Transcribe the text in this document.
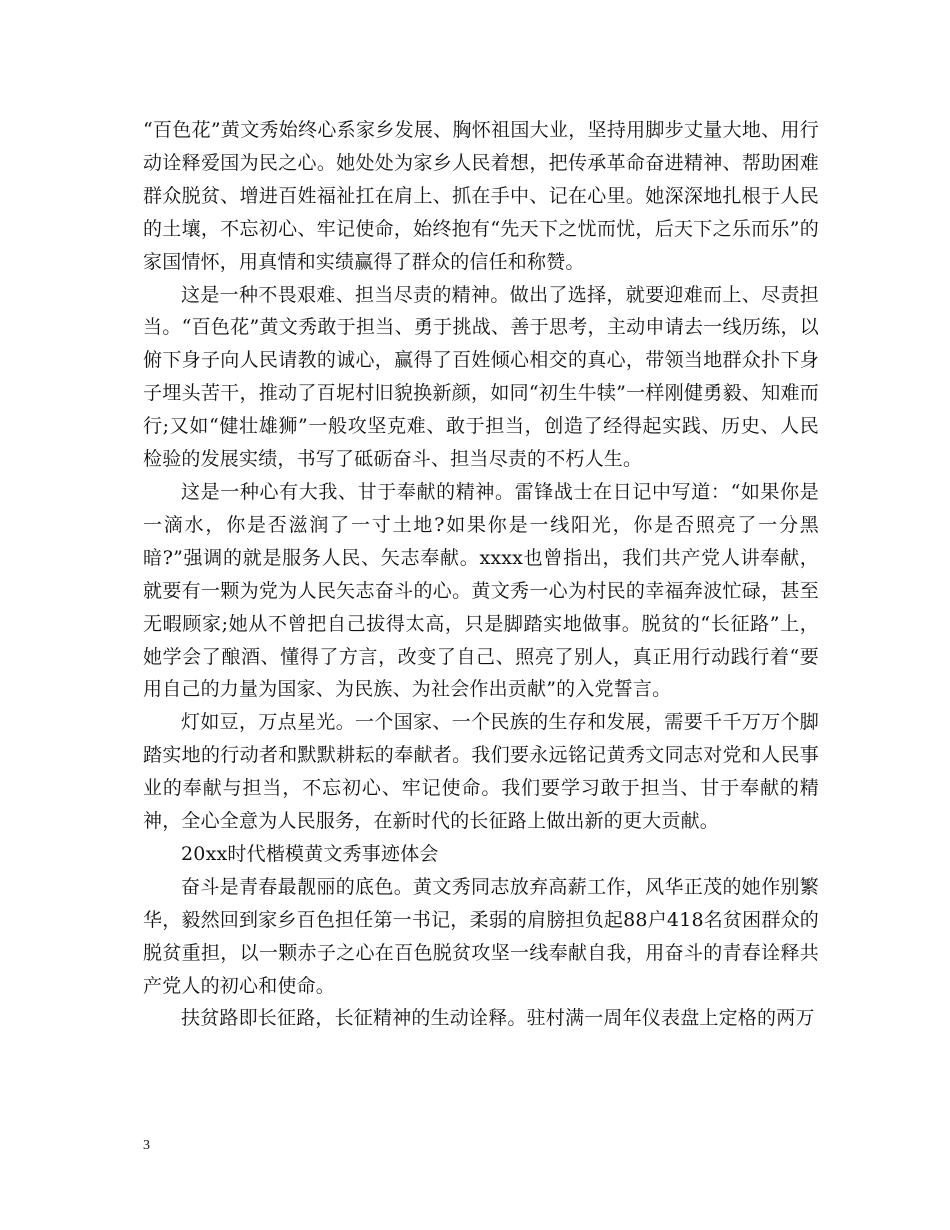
“百色花”黄文秀始终心系家乡发展、胸怀祖国大业，坚持用脚步丈量大地、用行动诠释爱国为民之心。她处处为家乡人民着想，把传承革命奋进精神、帮助困难群众脱贫、增进百姓福祉扛在肩上、抓在手中、记在心里。她深深地扎根于人民的土壤，不忘初心、牢记使命，始终抱有“先天下之忧而忧，后天下之乐而乐”的家国情怀，用真情和实绩赢得了群众的信任和称赞。

这是一种不畏艰难、担当尽责的精神。做出了选择，就要迎难而上、尽责担当。“百色花”黄文秀敢于担当、勇于挑战、善于思考，主动申请去一线历练，以俯下身子向人民请教的诚心，赢得了百姓倾心相交的真心，带领当地群众扑下身子埋头苦干，推动了百坭村旧貌换新颜，如同“初生牛犊”一样刚健勇毅、知难而行;又如“健壮雄狮”一般攻坚克难、敢于担当，创造了经得起实践、历史、人民检验的发展实绩，书写了砥砺奋斗、担当尽责的不朽人生。

这是一种心有大我、甘于奉献的精神。雷锋战士在日记中写道：“如果你是一滴水，你是否滋润了一寸土地?如果你是一线阳光，你是否照亮了一分黑暗?”强调的就是服务人民、矢志奉献。xxxx也曾指出，我们共产党人讲奉献，就要有一颗为党为人民矢志奋斗的心。黄文秀一心为村民的幸福奔波忙碌，甚至无暇顾家;她从不曾把自己拔得太高，只是脚踏实地做事。脱贫的“长征路”上，她学会了酿酒、懂得了方言，改变了自己、照亮了别人，真正用行动践行着“要用自己的力量为国家、为民族、为社会作出贡献”的入党誓言。

灯如豆，万点星光。一个国家、一个民族的生存和发展，需要千千万万个脚踏实地的行动者和默默耕耘的奉献者。我们要永远铭记黄秀文同志对党和人民事业的奉献与担当，不忘初心、牢记使命。我们要学习敢于担当、甘于奉献的精神，全心全意为人民服务，在新时代的长征路上做出新的更大贡献。

20xx时代楷模黄文秀事迹体会

奋斗是青春最靓丽的底色。黄文秀同志放弃高薪工作，风华正茂的她作别繁华，毅然回到家乡百色担任第一书记，柔弱的肩膀担负起88户418名贫困群众的脱贫重担，以一颗赤子之心在百色脱贫攻坚一线奉献自我，用奋斗的青春诠释共产党人的初心和使命。

扶贫路即长征路，长征精神的生动诠释。驻村满一周年仪表盘上定格的两万

3
